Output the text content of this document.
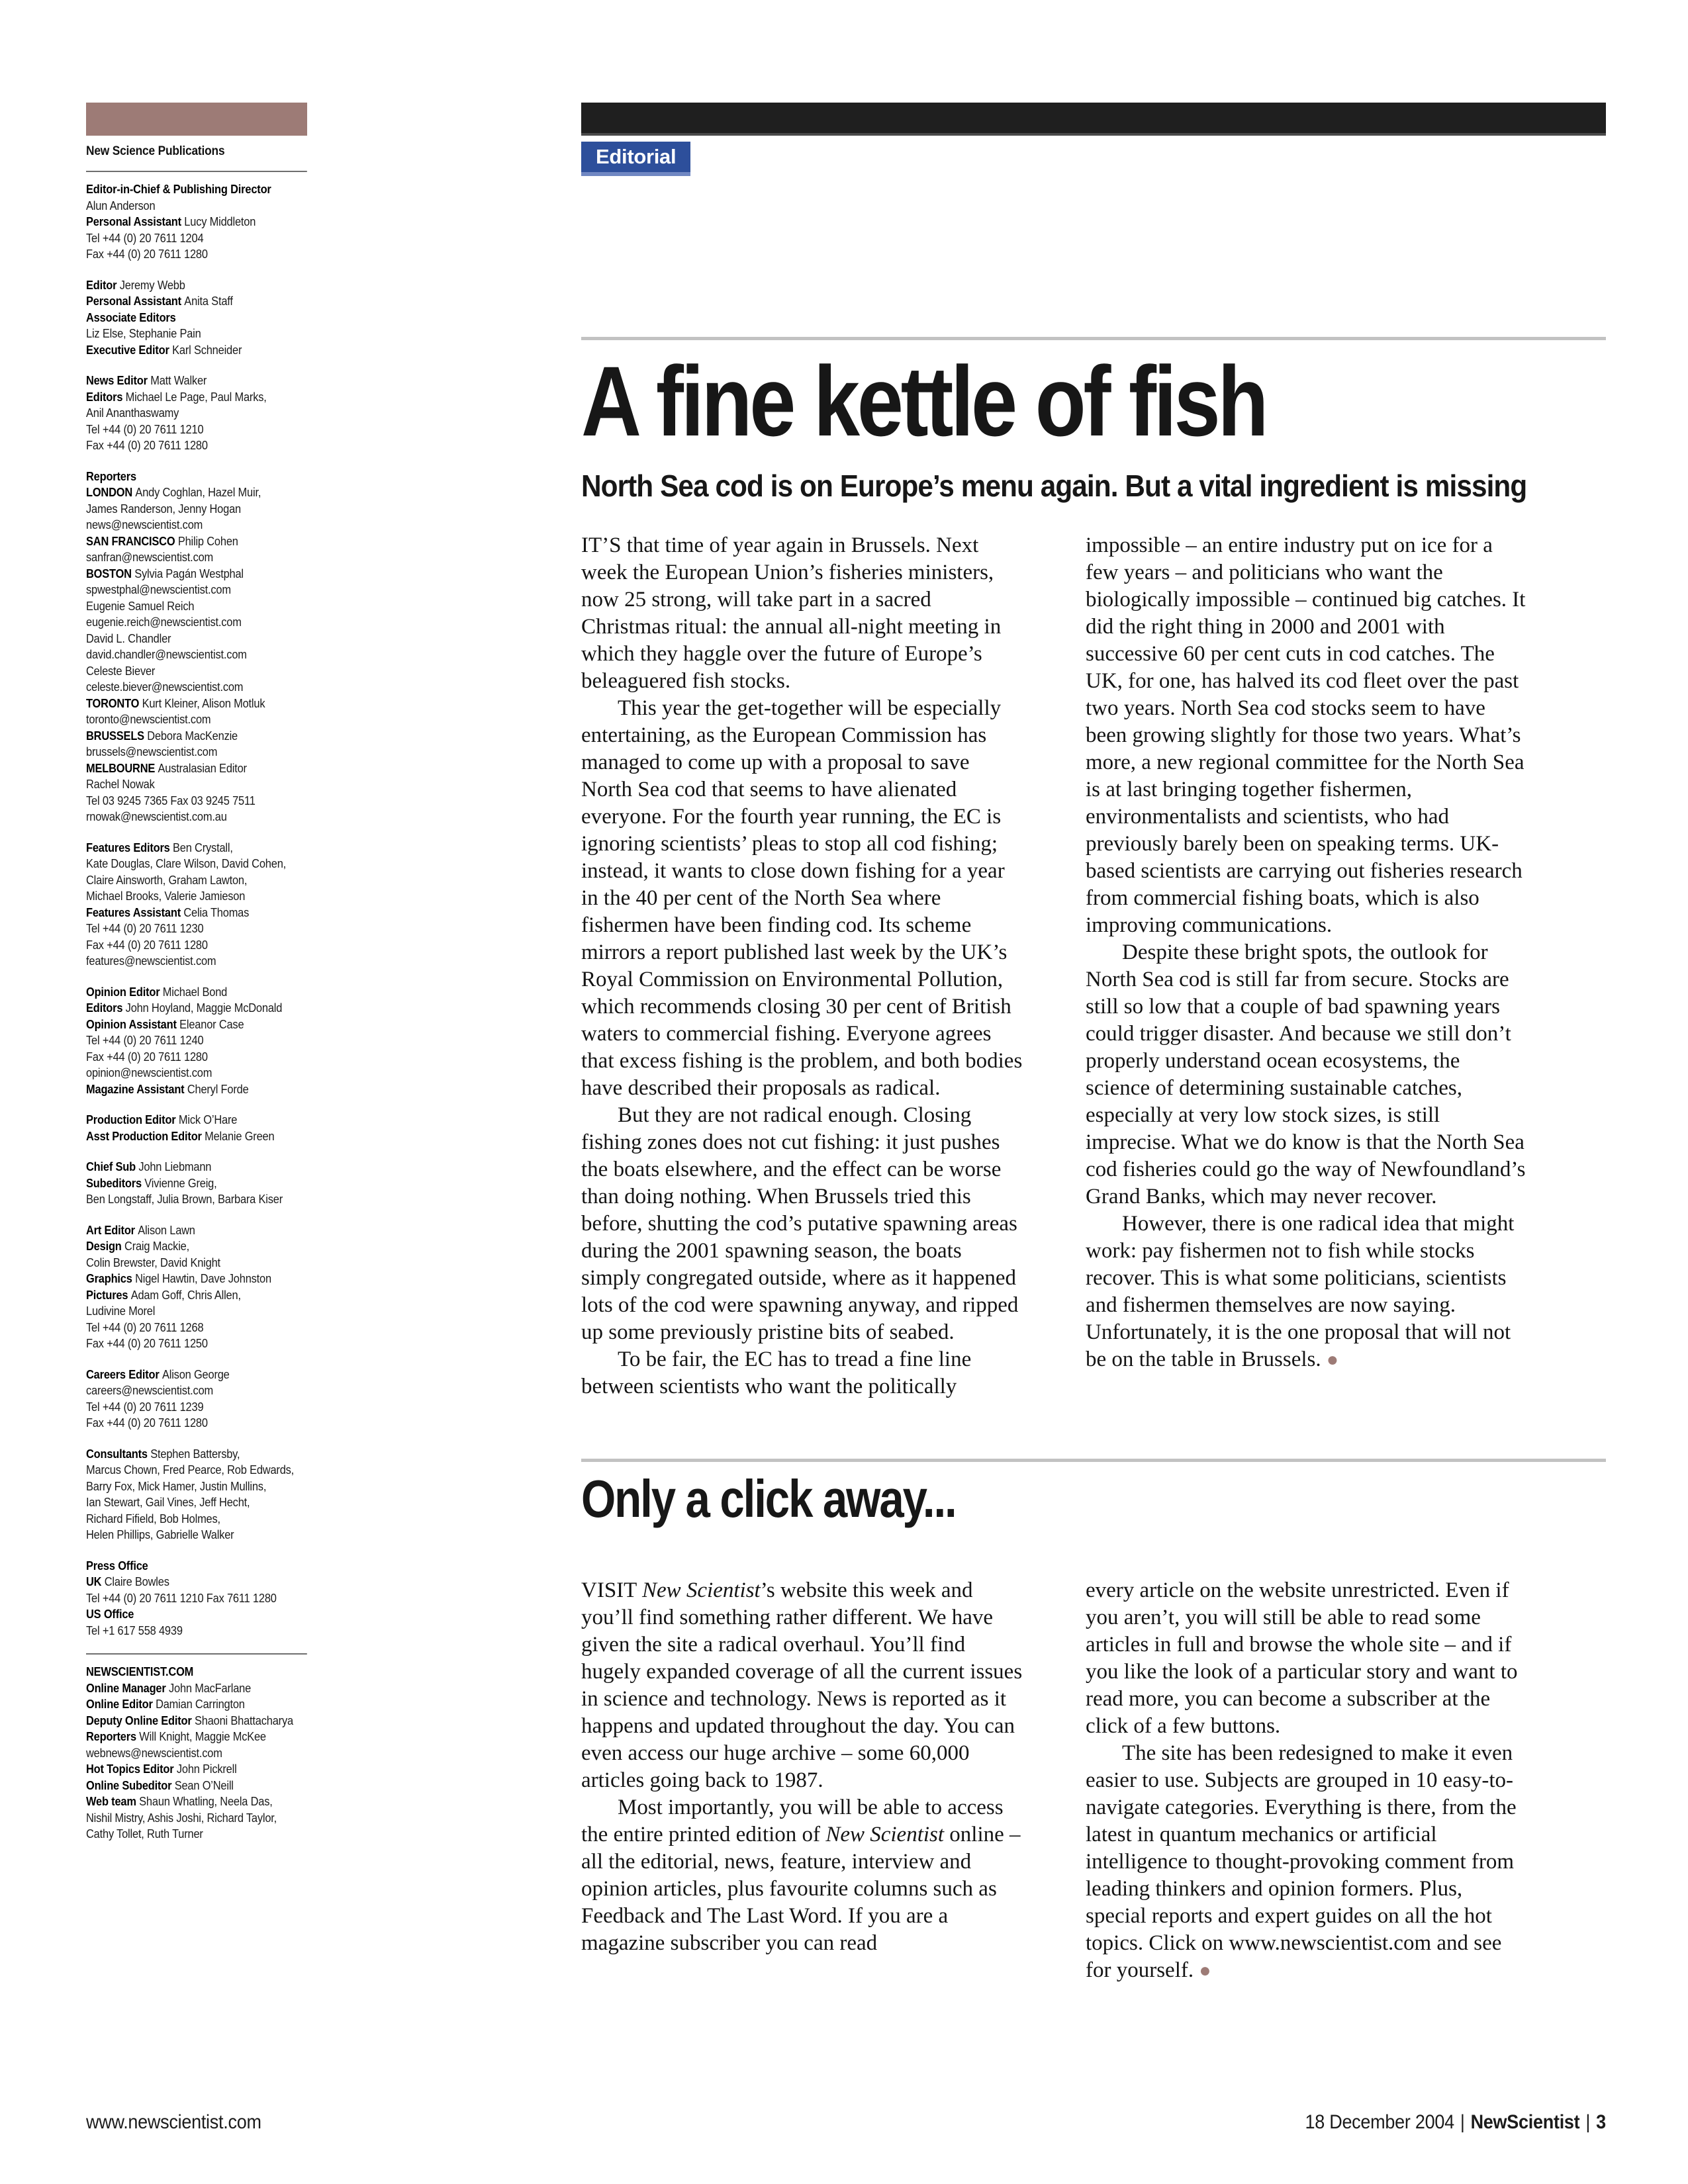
New Science Publications

Editor-in-Chief & Publishing Director

Alun Anderson

Personal Assistant Lucy Middleton

Tel +44 (0) 20 7611 1204

Fax +44 (0) 20 7611 1280

Editor Jeremy Webb

Personal Assistant Anita Staff

Associate Editors

Liz Else, Stephanie Pain

Executive Editor Karl Schneider

News Editor Matt Walker

Editors Michael Le Page, Paul Marks,

Anil Ananthaswamy

Tel +44 (0) 20 7611 1210

Fax +44 (0) 20 7611 1280

Reporters

LONDON Andy Coghlan, Hazel Muir,

James Randerson, Jenny Hogan

news@newscientist.com

SAN FRANCISCO Philip Cohen

sanfran@newscientist.com

BOSTON Sylvia Pagán Westphal

spwestphal@newscientist.com

Eugenie Samuel Reich

eugenie.reich@newscientist.com

David L. Chandler

david.chandler@newscientist.com

Celeste Biever

celeste.biever@newscientist.com

TORONTO Kurt Kleiner, Alison Motluk

toronto@newscientist.com

BRUSSELS Debora MacKenzie

brussels@newscientist.com

MELBOURNE Australasian Editor

Rachel Nowak

Tel 03 9245 7365 Fax 03 9245 7511

rnowak@newscientist.com.au

Features Editors Ben Crystall,

Kate Douglas, Clare Wilson, David Cohen,

Claire Ainsworth, Graham Lawton,

Michael Brooks, Valerie Jamieson

Features Assistant Celia Thomas

Tel +44 (0) 20 7611 1230

Fax +44 (0) 20 7611 1280

features@newscientist.com

Opinion Editor Michael Bond

Editors John Hoyland, Maggie McDonald

Opinion Assistant Eleanor Case

Tel +44 (0) 20 7611 1240

Fax +44 (0) 20 7611 1280

opinion@newscientist.com

Magazine Assistant Cheryl Forde

Production Editor Mick O’Hare

Asst Production Editor Melanie Green

Chief Sub John Liebmann

Subeditors Vivienne Greig,

Ben Longstaff, Julia Brown, Barbara Kiser

Art Editor Alison Lawn

Design Craig Mackie,

Colin Brewster, David Knight

Graphics Nigel Hawtin, Dave Johnston

Pictures Adam Goff, Chris Allen,

Ludivine Morel

Tel +44 (0) 20 7611 1268

Fax +44 (0) 20 7611 1250

Careers Editor Alison George

careers@newscientist.com

Tel +44 (0) 20 7611 1239

Fax +44 (0) 20 7611 1280

Consultants Stephen Battersby,

Marcus Chown, Fred Pearce, Rob Edwards,

Barry Fox, Mick Hamer, Justin Mullins,

Ian Stewart, Gail Vines, Jeff Hecht,

Richard Fifield, Bob Holmes,

Helen Phillips, Gabrielle Walker

Press Office

UK Claire Bowles

Tel +44 (0) 20 7611 1210 Fax 7611 1280

US Office

Tel +1 617 558 4939

NEWSCIENTIST.COM

Online Manager John MacFarlane

Online Editor Damian Carrington

Deputy Online Editor Shaoni Bhattacharya

Reporters Will Knight, Maggie McKee

webnews@newscientist.com

Hot Topics Editor John Pickrell

Online Subeditor Sean O’Neill

Web team Shaun Whatling, Neela Das,

Nishil Mistry, Ashis Joshi, Richard Taylor,

Cathy Tollet, Ruth Turner

Editorial
A fine kettle of fish

North Sea cod is on Europe’s menu again. But a vital ingredient is missing

IT’S that time of year again in Brussels. Next week the European Union’s fisheries ministers, now 25 strong, will take part in a sacred Christmas ritual: the annual all-night meeting in which they haggle over the future of Europe’s beleaguered fish stocks.

This year the get-together will be especially entertaining, as the European Commission has managed to come up with a proposal to save North Sea cod that seems to have alienated everyone. For the fourth year running, the EC is ignoring scientists’ pleas to stop all cod fishing; instead, it wants to close down fishing for a year in the 40 per cent of the North Sea where fishermen have been finding cod. Its scheme mirrors a report published last week by the UK’s Royal Commission on Environmental Pollution, which recommends closing 30 per cent of British waters to commercial fishing. Everyone agrees that excess fishing is the problem, and both bodies have described their proposals as radical.

But they are not radical enough. Closing fishing zones does not cut fishing: it just pushes the boats elsewhere, and the effect can be worse than doing nothing. When Brussels tried this before, shutting the cod’s putative spawning areas during the 2001 spawning season, the boats simply congregated outside, where as it happened lots of the cod were spawning anyway, and ripped up some previously pristine bits of seabed.

To be fair, the EC has to tread a fine line between scientists who want the politically

impossible – an entire industry put on ice for a few years – and politicians who want the biologically impossible – continued big catches. It did the right thing in 2000 and 2001 with successive 60 per cent cuts in cod catches. The UK, for one, has halved its cod fleet over the past two years. North Sea cod stocks seem to have been growing slightly for those two years. What’s more, a new regional committee for the North Sea is at last bringing together fishermen, environmentalists and scientists, who had previously barely been on speaking terms. UK-based scientists are carrying out fisheries research from commercial fishing boats, which is also improving communications.

Despite these bright spots, the outlook for North Sea cod is still far from secure. Stocks are still so low that a couple of bad spawning years could trigger disaster. And because we still don’t properly understand ocean ecosystems, the science of determining sustainable catches, especially at very low stock sizes, is still imprecise. What we do know is that the North Sea cod fisheries could go the way of Newfoundland’s Grand Banks, which may never recover.

However, there is one radical idea that might work: pay fishermen not to fish while stocks recover. This is what some politicians, scientists and fishermen themselves are now saying. Unfortunately, it is the one proposal that will not be on the table in Brussels. ●

Only a click away...

VISIT New Scientist’s website this week and you’ll find something rather different. We have given the site a radical overhaul. You’ll find hugely expanded coverage of all the current issues in science and technology. News is reported as it happens and updated throughout the day. You can even access our huge archive – some 60,000 articles going back to 1987.

Most importantly, you will be able to access the entire printed edition of New Scientist online – all the editorial, news, feature, interview and opinion articles, plus favourite columns such as Feedback and The Last Word. If you are a magazine subscriber you can read

every article on the website unrestricted. Even if you aren’t, you will still be able to read some articles in full and browse the whole site – and if you like the look of a particular story and want to read more, you can become a subscriber at the click of a few buttons.

The site has been redesigned to make it even easier to use. Subjects are grouped in 10 easy-to-navigate categories. Everything is there, from the latest in quantum mechanics or artificial intelligence to thought-provoking comment from leading thinkers and opinion formers. Plus, special reports and expert guides on all the hot topics. Click on www.newscientist.com and see for yourself. ●

www.newscientist.com	18 December 2004 | NewScientist | 3
